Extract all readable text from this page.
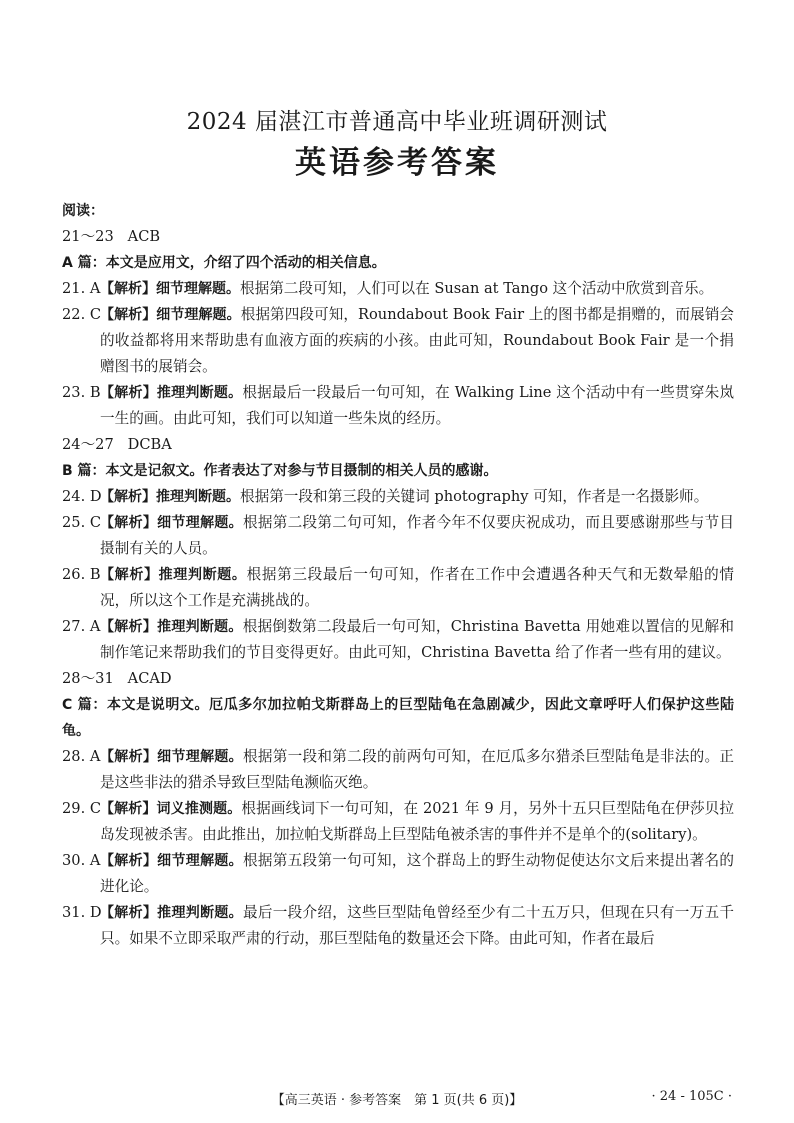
2024 届湛江市普通高中毕业班调研测试
英语参考答案
阅读：
21～23 ACB
A 篇：本文是应用文，介绍了四个活动的相关信息。
21. A 【解析】细节理解题。根据第二段可知，人们可以在 Susan at Tango 这个活动中欣赏到音乐。
22. C
【解析】细节理解题。根据第四段可知，Roundabout Book Fair 上的图书都是捐赠的，而展销会的收益都将用来帮助患有血液方面的疾病的小孩。由此可知，Roundabout Book Fair 是一个捐赠图书的展销会。
23. B 【解析】推理判断题。根据最后一段最后一句可知，在 Walking Line 这个活动中有一些贯穿朱岚一生的画。由此可知，我们可以知道一些朱岚的经历。
24～27 DCBA
B 篇：本文是记叙文。作者表达了对参与节目摄制的相关人员的感谢。
24. D
【解析】推理判断题。根据第一段和第三段的关键词 photography 可知，作者是一名摄影师。
25. C
【解析】细节理解题。根据第二段第二句可知，作者今年不仅要庆祝成功，而且要感谢那些与节目摄制有关的人员。
26. B 【解析】推理判断题。根据第三段最后一句可知，作者在工作中会遭遇各种天气和无数晕船的情况，所以这个工作是充满挑战的。
27. A 【解析】推理判断题。根据倒数第二段最后一句可知，Christina Bavetta 用她难以置信的见解和制作笔记来帮助我们的节目变得更好。由此可知，Christina Bavetta 给了作者一些有用的建议。
28～31 ACAD
C 篇：本文是说明文。厄瓜多尔加拉帕戈斯群岛上的巨型陆龟在急剧减少，因此文章呼吁人们保护这些陆龟。
28. A 【解析】细节理解题。根据第一段和第二段的前两句可知，在厄瓜多尔猎杀巨型陆龟是非法的。正是这些非法的猎杀导致巨型陆龟濒临灭绝。
29. C
【解析】词义推测题。根据画线词下一句可知，在 2021 年 9 月，另外十五只巨型陆龟在伊莎贝拉岛发现被杀害。由此推出，加拉帕戈斯群岛上巨型陆龟被杀害的事件并不是单个的(solitary)。
30. A 【解析】细节理解题。根据第五段第一句可知，这个群岛上的野生动物促使达尔文后来提出著名的进化论。
31. D
【解析】推理判断题。最后一段介绍，这些巨型陆龟曾经至少有二十五万只，但现在只有一万五千只。如果不立即采取严肃的行动，那巨型陆龟的数量还会下降。由此可知，作者在最后
【高三英语 · 参考答案　第 1 页(共 6 页)】	· 24 - 105C ·
